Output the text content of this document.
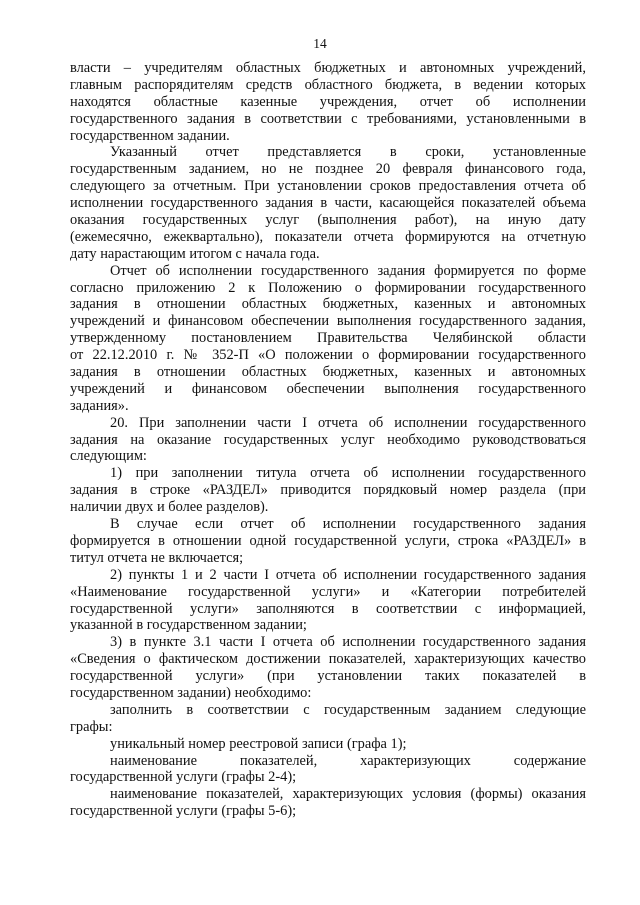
14
власти – учредителям областных бюджетных и автономных учреждений,
главным распорядителям средств областного бюджета, в ведении которых
находятся областные казенные учреждения, отчет об исполнении
государственного задания в соответствии с требованиями, установленными в
государственном задании.
Указанный отчет представляется в сроки, установленные
государственным заданием, но не позднее 20 февраля финансового года,
следующего за отчетным. При установлении сроков предоставления отчета об
исполнении государственного задания в части, касающейся показателей объема
оказания государственных услуг (выполнения работ), на иную дату
(ежемесячно, ежеквартально), показатели отчета формируются на отчетную
дату нарастающим итогом с начала года.
Отчет об исполнении государственного задания формируется по форме
согласно приложению 2 к Положению о формировании государственного
задания в отношении областных бюджетных, казенных и автономных
учреждений и финансовом обеспечении выполнения государственного задания,
утвержденному постановлением Правительства Челябинской области
от 22.12.2010 г. № 352-П «О положении о формировании государственного
задания в отношении областных бюджетных, казенных и автономных
учреждений и финансовом обеспечении выполнения государственного
задания».
20. При заполнении части I отчета об исполнении государственного
задания на оказание государственных услуг необходимо руководствоваться
следующим:
1) при заполнении титула отчета об исполнении государственного
задания в строке «РАЗДЕЛ» приводится порядковый номер раздела (при
наличии двух и более разделов).
В случае если отчет об исполнении государственного задания
формируется в отношении одной государственной услуги, строка «РАЗДЕЛ» в
титул отчета не включается;
2) пункты 1 и 2 части I отчета об исполнении государственного задания
«Наименование государственной услуги» и «Категории потребителей
государственной услуги» заполняются в соответствии с информацией,
указанной в государственном задании;
3) в пункте 3.1 части I отчета об исполнении государственного задания
«Сведения о фактическом достижении показателей, характеризующих качество
государственной услуги» (при установлении таких показателей в
государственном задании) необходимо:
заполнить в соответствии с государственным заданием следующие
графы:
уникальный номер реестровой записи (графа 1);
наименование показателей, характеризующих содержание
государственной услуги (графы 2-4);
наименование показателей, характеризующих условия (формы) оказания
государственной услуги (графы 5-6);
